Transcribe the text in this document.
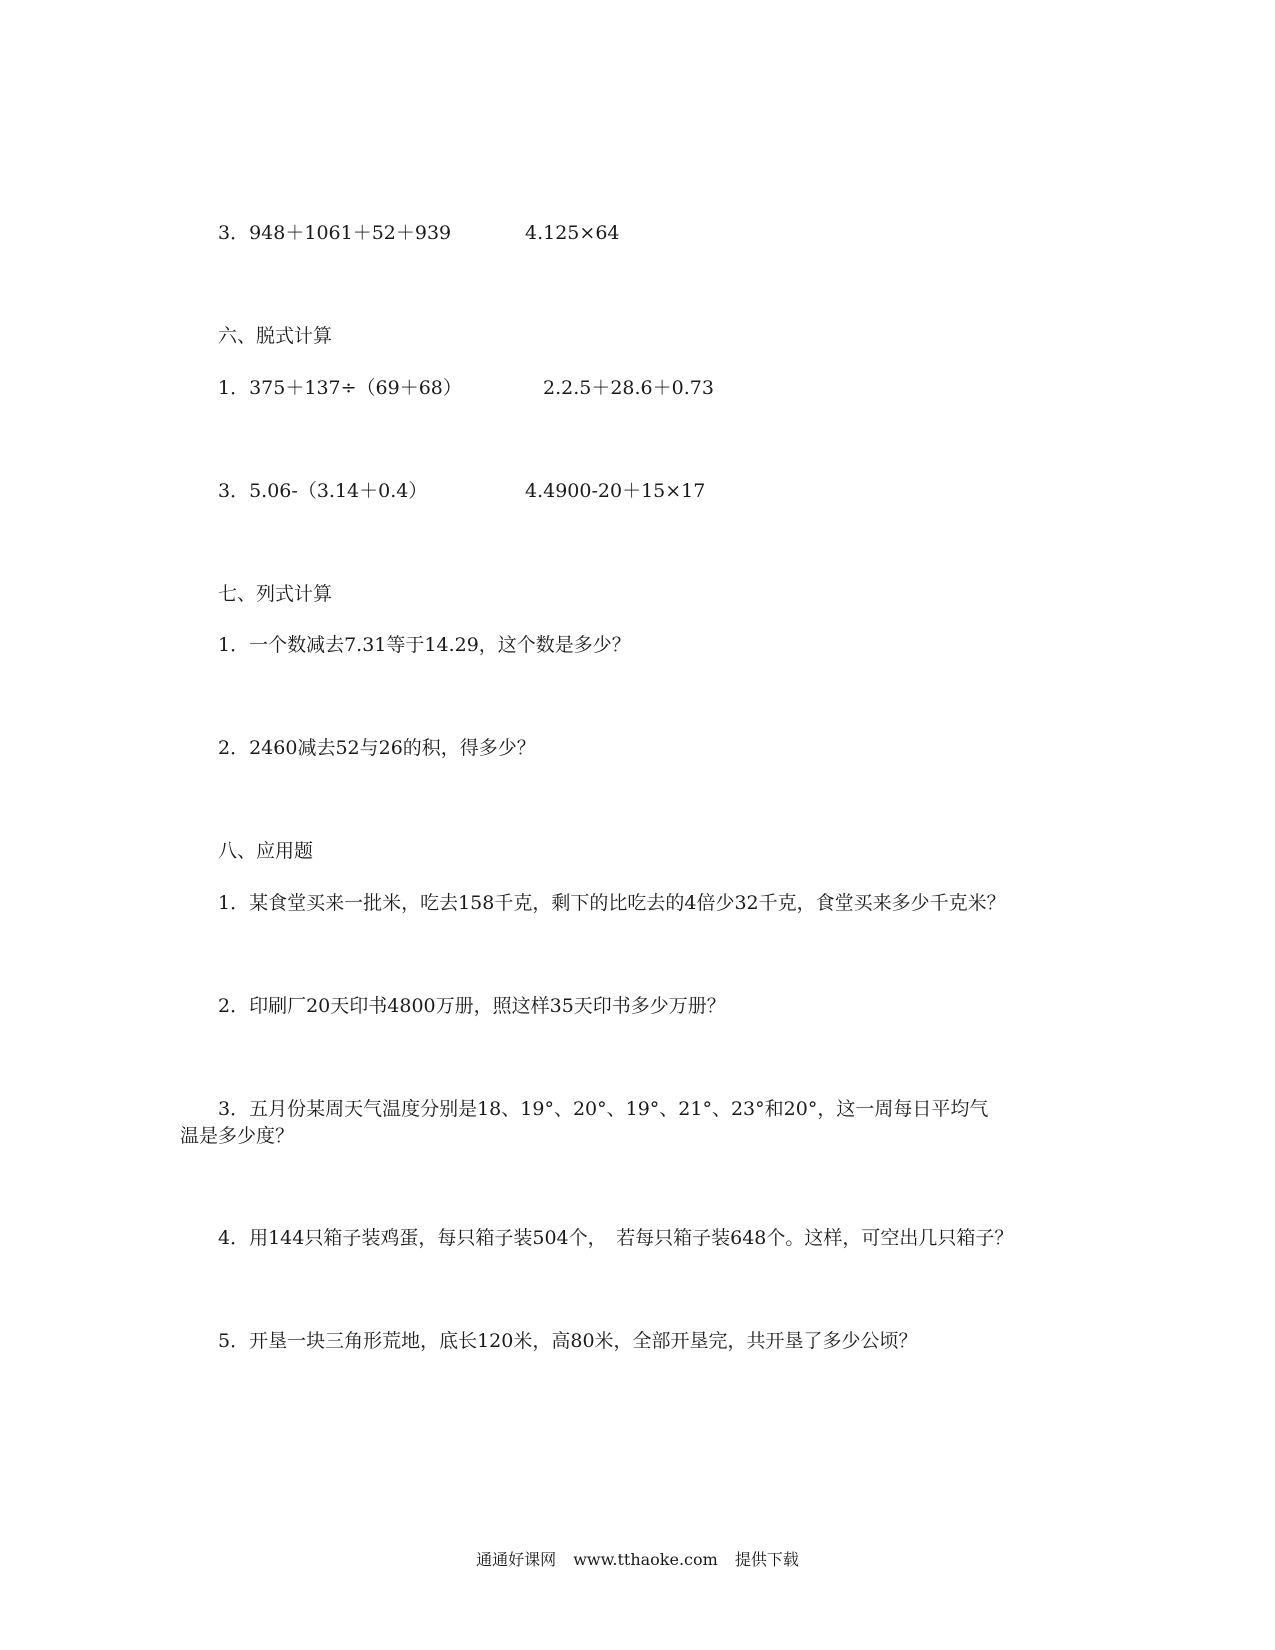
3．948＋1061＋52＋939	4.125×64
六、脱式计算
1．375＋137÷（69＋68）	2.2.5＋28.6＋0.73
3．5.06-（3.14＋0.4）	4.4900-20＋15×17
七、列式计算
1．一个数减去7.31等于14.29，这个数是多少？
2．2460减去52与26的积，得多少？
八、应用题
1．某食堂买来一批米，吃去158千克，剩下的比吃去的4倍少32千克，食堂买来多少千克米？
2．印刷厂20天印书4800万册，照这样35天印书多少万册？
3．五月份某周天气温度分别是18、19°、20°、19°、21°、23°和20°，这一周每日平均气
温是多少度？
4．用144只箱子装鸡蛋，每只箱子装504个，　若每只箱子装648个。这样，可空出几只箱子？
5．开垦一块三角形荒地，底长120米，高80米，全部开垦完，共开垦了多少公顷？
通通好课网 www.tthaoke.com 提供下载
